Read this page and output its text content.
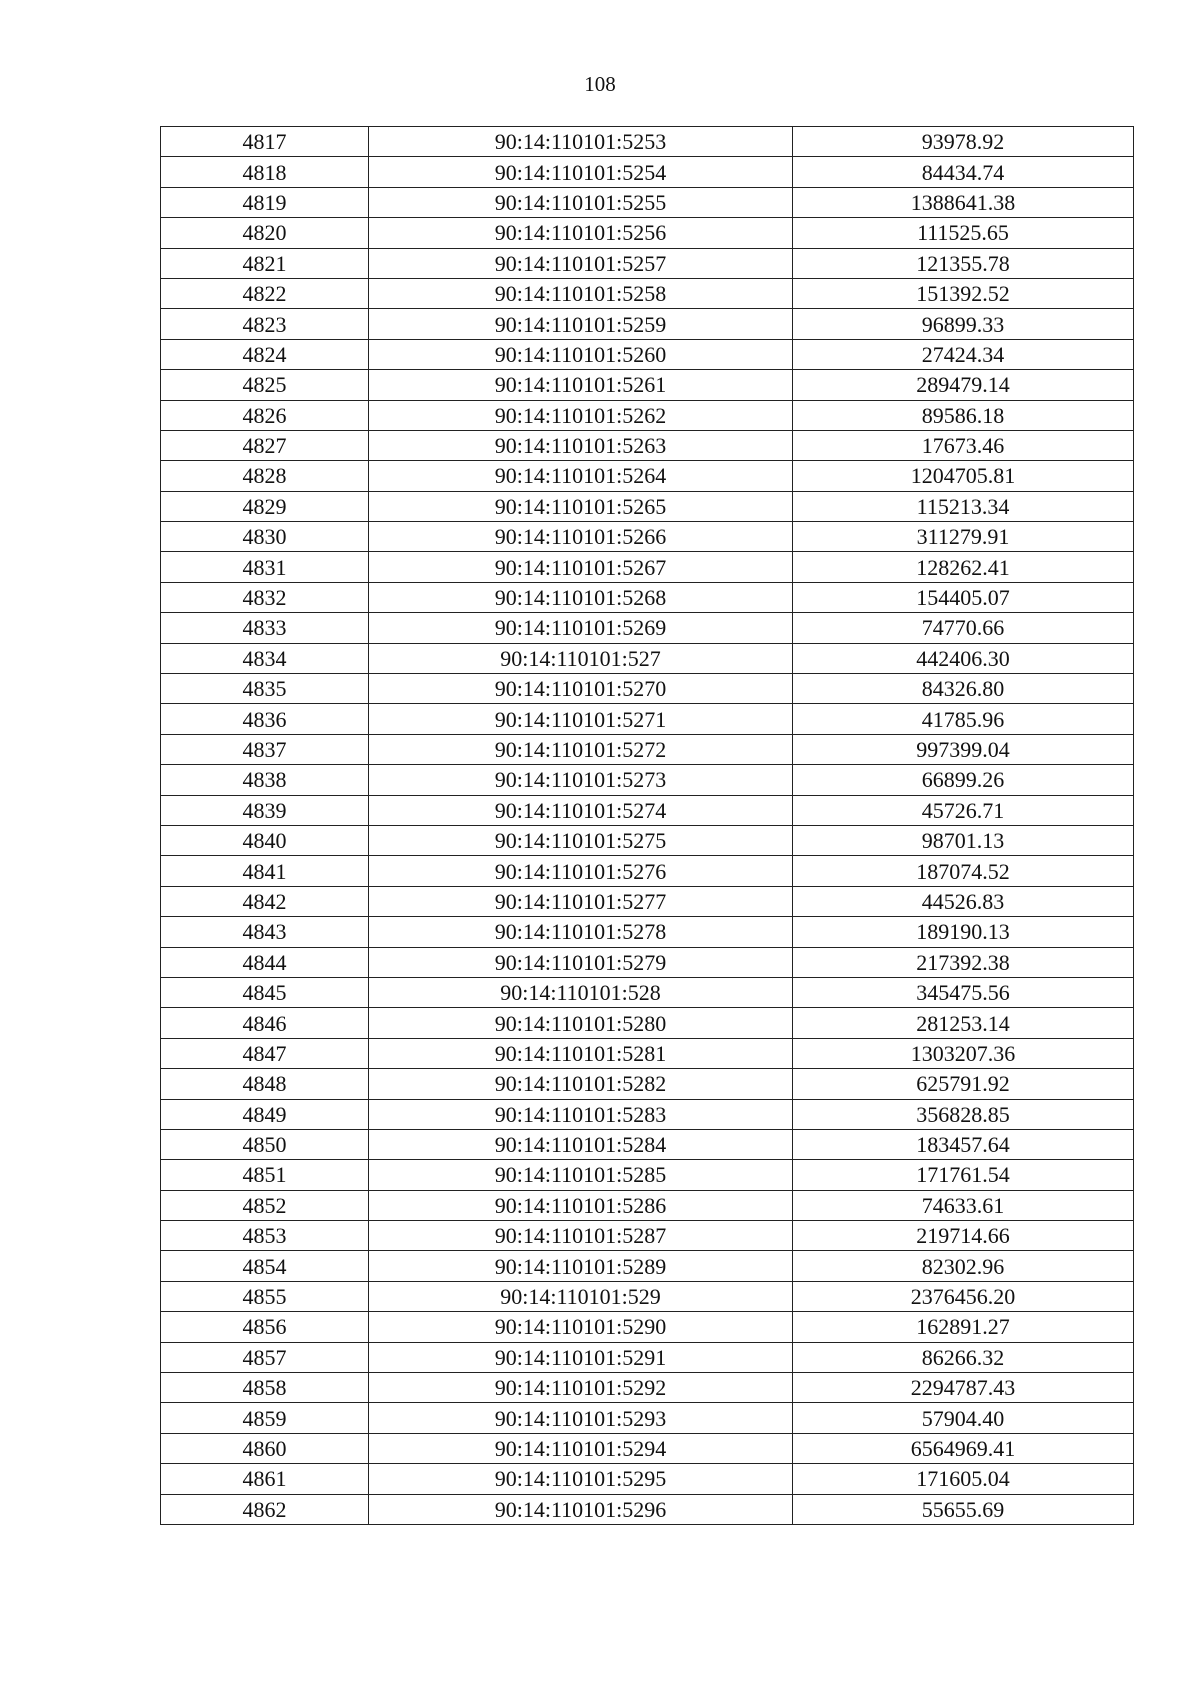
108
4817	90:14:110101:5253	93978.92
4818	90:14:110101:5254	84434.74
4819	90:14:110101:5255	1388641.38
4820	90:14:110101:5256	111525.65
4821	90:14:110101:5257	121355.78
4822	90:14:110101:5258	151392.52
4823	90:14:110101:5259	96899.33
4824	90:14:110101:5260	27424.34
4825	90:14:110101:5261	289479.14
4826	90:14:110101:5262	89586.18
4827	90:14:110101:5263	17673.46
4828	90:14:110101:5264	1204705.81
4829	90:14:110101:5265	115213.34
4830	90:14:110101:5266	311279.91
4831	90:14:110101:5267	128262.41
4832	90:14:110101:5268	154405.07
4833	90:14:110101:5269	74770.66
4834	90:14:110101:527	442406.30
4835	90:14:110101:5270	84326.80
4836	90:14:110101:5271	41785.96
4837	90:14:110101:5272	997399.04
4838	90:14:110101:5273	66899.26
4839	90:14:110101:5274	45726.71
4840	90:14:110101:5275	98701.13
4841	90:14:110101:5276	187074.52
4842	90:14:110101:5277	44526.83
4843	90:14:110101:5278	189190.13
4844	90:14:110101:5279	217392.38
4845	90:14:110101:528	345475.56
4846	90:14:110101:5280	281253.14
4847	90:14:110101:5281	1303207.36
4848	90:14:110101:5282	625791.92
4849	90:14:110101:5283	356828.85
4850	90:14:110101:5284	183457.64
4851	90:14:110101:5285	171761.54
4852	90:14:110101:5286	74633.61
4853	90:14:110101:5287	219714.66
4854	90:14:110101:5289	82302.96
4855	90:14:110101:529	2376456.20
4856	90:14:110101:5290	162891.27
4857	90:14:110101:5291	86266.32
4858	90:14:110101:5292	2294787.43
4859	90:14:110101:5293	57904.40
4860	90:14:110101:5294	6564969.41
4861	90:14:110101:5295	171605.04
4862	90:14:110101:5296	55655.69
